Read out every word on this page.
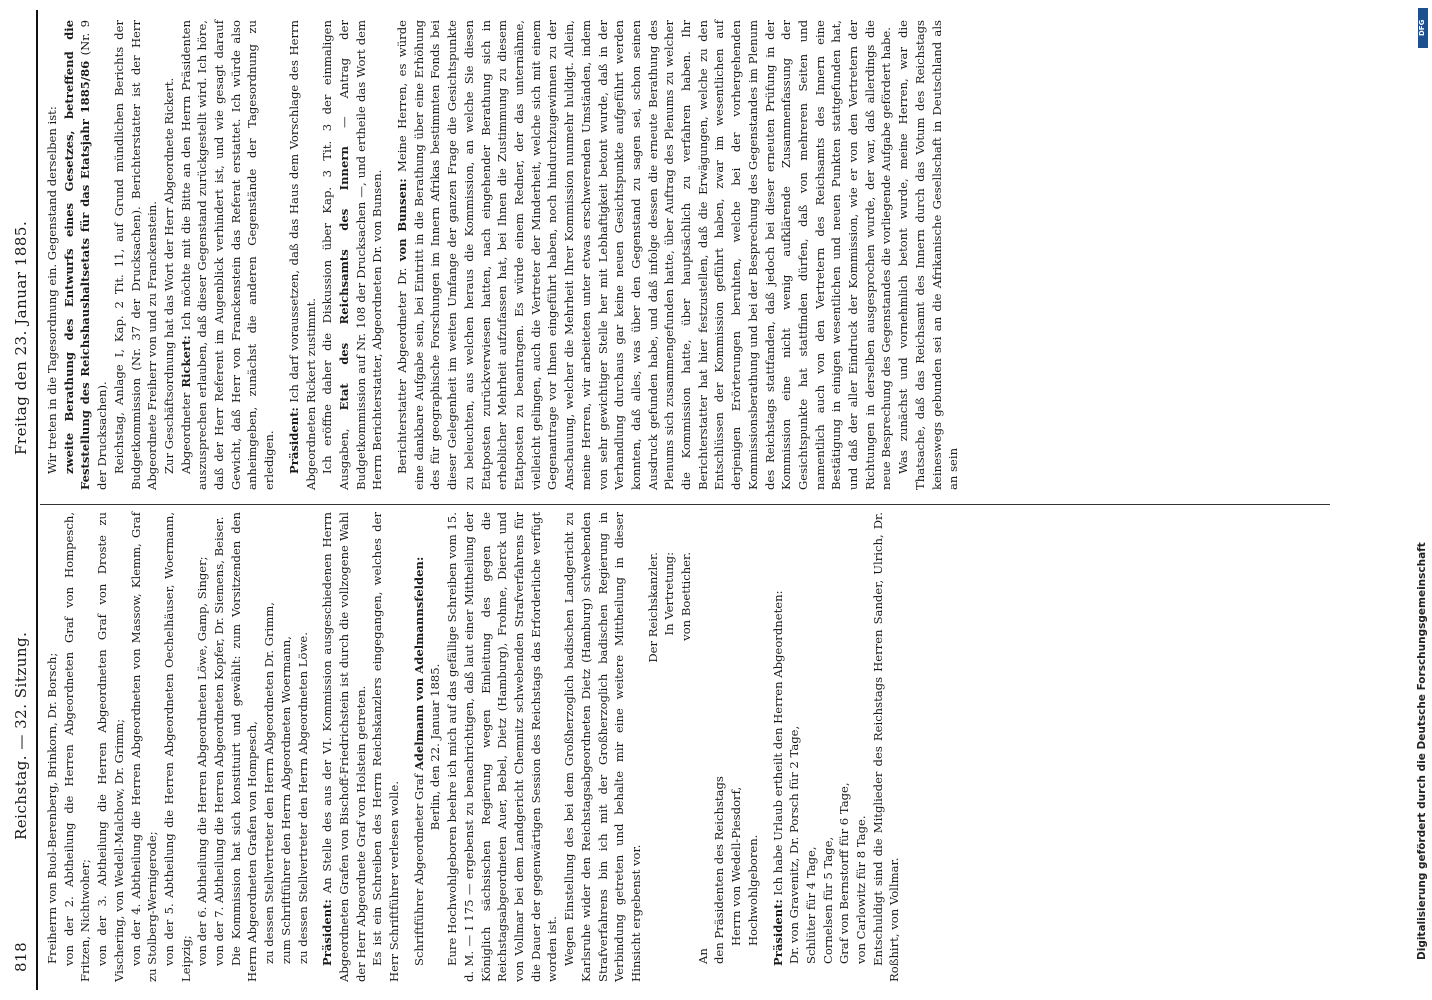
818
Reichstag. — 32. Sitzung.
Freitag den 23. Januar 1885.

Freiherrn von Buol-Berenberg, Brinkorn, Dr. Borsch; von der 2. Abtheilung die Herren Abgeordneten Graf von Hompesch, Fritzen, Nichtwoher; von der 3. Abtheilung die Herren Abgeordneten Graf von Droste zu Vischering, von Wedell-Malchow, Dr. Grimm; von der 4. Abtheilung die Herren Abgeordneten von Massow, Klemm, Graf zu Stolberg-Wernigerode; von der 5. Abtheilung die Herren Abgeordneten Oechelhäuser, Woermann, Leipzig; von der 6. Abtheilung die Herren Abgeordneten Löwe, Gamp, Singer; von der 7. Abtheilung die Herren Abgeordneten Kopfer, Dr. Siemens, Beiser. Die Kommission hat sich konstituirt und gewählt: zum Vorsitzenden den Herrn Abgeordneten Grafen von Hompesch, zu dessen Stellvertreter den Herrn Abgeordneten Dr. Grimm, zum Schriftführer den Herrn Abgeordneten Woermann, zu dessen Stellvertreter den Herrn Abgeordneten Löwe. Präsident: An Stelle des aus der VI. Kommission ausgeschiedenen Herrn Abgeordneten Grafen von Bischoff-Friedrichstein ist durch die vollzogene Wahl der Herr Abgeordnete Graf von Holstein getreten. Es ist ein Schreiben des Herrn Reichskanzlers eingegangen, welches der Herr Schriftführer verlesen wolle. Schriftführer Abgeordneter Graf Adelmann von Adelmannsfelden: Berlin, den 22. Januar 1885. Eure Hochwohlgeboren beehre ich mich auf das gefällige Schreiben vom 15. d. M. — I 175 — ergebenst zu benachrichtigen, daß laut einer Mittheilung der Königlich sächsischen Regierung wegen Einleitung des gegen die Reichstagsabgeordneten Auer, Bebel, Dietz (Hamburg), Frohme, Dierck und von Vollmar bei dem Landgericht Chemnitz schwebenden Strafverfahrens für die Dauer der gegenwärtigen Session des Reichstags das Erforderliche verfügt worden ist. Wegen Einstellung des bei dem Großherzoglich badischen Landgericht zu Karlsruhe wider den Reichstagsabgeordneten Dietz (Hamburg) schwebenden Strafverfahrens bin ich mit der Großherzoglich badischen Regierung in Verbindung getreten und behalte mir eine weitere Mittheilung in dieser Hinsicht ergebenst vor.

Der Reichskanzler. In Vertretung: von Boetticher.

An den Präsidenten des Reichstags Herrn von Wedell-Piesdorf, Hochwohlgeboren. Präsident: Ich habe Urlaub ertheilt den Herren Abgeordneten: Dr. von Gravenitz, Dr. Porsch für 2 Tage, Schlüter für 4 Tage, Cornelsen für 5 Tage, Graf von Bernstorff für 6 Tage, von Carlowitz für 8 Tage. Entschuldigt sind die Mitglieder des Reichstags Herren Sander, Ulrich, Dr. Roßhirt, von Vollmar.

Wir treten in die Tagesordnung ein. Gegenstand derselben ist: zweite Berathung des Entwurfs eines Gesetzes, betreffend die Feststellung des Reichshaushaltsetats für das Etatsjahr 1885/86 (Nr. 9 der Drucksachen). Reichstag, Anlage I, Kap. 2 Tit. 11, auf Grund mündlichen Berichts der Budgetkommission (Nr. 37 der Drucksachen). Berichterstatter ist der Herr Abgeordnete Freiherr von und zu Franckenstein. Zur Geschäftsordnung hat das Wort der Herr Abgeordnete Rickert. Abgeordneter Rickert: Ich möchte mit die Bitte an den Herrn Präsidenten auszusprechen erlauben, daß dieser Gegenstand zurückgestellt wird. Ich höre, daß der Herr Referent im Augenblick verhindert ist, und wie gesagt darauf Gewicht, daß Herr von Franckenstein das Referat erstattet. Ich würde also anheimgeben, zunächst die anderen Gegenstände der Tagesordnung zu erledigen. Präsident: Ich darf voraussetzen, daß das Haus dem Vorschlage des Herrn Abgeordneten Rickert zustimmt. Ich eröffne daher die Diskussion über Kap. 3 Tit. 3 der einmaligen Ausgaben, Etat des Reichsamts des Innern — Antrag der Budgetkommission auf Nr. 108 der Drucksachen —, und ertheile das Wort dem Herrn Berichterstatter, Abgeordneten Dr. von Bunsen. Berichterstatter Abgeordneter Dr. von Bunsen: Meine Herren, es würde eine dankbare Aufgabe sein, bei Eintritt in die Berathung über eine Erhöhung des für geographische Forschungen im Innern Afrikas bestimmten Fonds bei dieser Gelegenheit im weiten Umfange der ganzen Frage die Gesichtspunkte zu beleuchten, aus welchen heraus die Kommission, an welche Sie diesen Etatposten zurückverwiesen hatten, nach eingehender Berathung sich in erheblicher Mehrheit aufzufassen hat, bei Ihnen die Zustimmung zu diesem Etatposten zu beantragen. Es würde einem Redner, der das unternähme, vielleicht gelingen, auch die Vertreter der Minderheit, welche sich mit einem Gegenantrage vor Ihnen eingeführt haben, noch hindurchzugewinnen zu der Anschauung, welcher die Mehrheit Ihrer Kommission nunmehr huldigt. Allein, meine Herren, wir arbeiteten unter etwas erschwerenden Umständen, indem von sehr gewichtiger Stelle her mit Lebhaftigkeit betont wurde, daß in der Verhandlung durchaus gar keine neuen Gesichtspunkte aufgeführt werden konnten, daß alles, was über den Gegenstand zu sagen sei, schon seinen Ausdruck gefunden habe, und daß infolge dessen die erneute Berathung des Plenums sich zusammengefunden hatte, über Auftrag des Plenums zu welcher die Kommission hatte, über hauptsächlich zu verfahren haben. Ihr Berichterstatter hat hier festzustellen, daß die Erwägungen, welche zu den Entschlüssen der Kommission geführt haben, zwar im wesentlichen auf derjenigen Erörterungen beruhten, welche bei der vorhergehenden Kommissionsberathung und bei der Besprechung des Gegenstandes im Plenum des Reichstags stattfanden, daß jedoch bei dieser erneuten Prüfung in der Kommission eine nicht wenig aufklärende Zusammenfassung der Gesichtspunkte hat stattfinden dürfen, daß von mehreren Seiten und namentlich auch von den Vertretern des Reichsamts des Innern eine Bestätigung in einigen wesentlichen und neuen Punkten stattgefunden hat, und daß der aller Eindruck der Kommission, wie er von den Vertretern der Richtungen in derselben ausgesprochen wurde, der war, daß allerdings die neue Besprechung des Gegenstandes die vorliegende Aufgabe gefördert habe. Was zunächst und vornehmlich betont wurde, meine Herren, war die Thatsache, daß das Reichsamt des Innern durch das Votum des Reichstags keineswegs gebunden sei an die Afrikanische Gesellschaft in Deutschland als an sein

Digitalisierung gefördert durch die Deutsche Forschungsgemeinschaft
DFG
